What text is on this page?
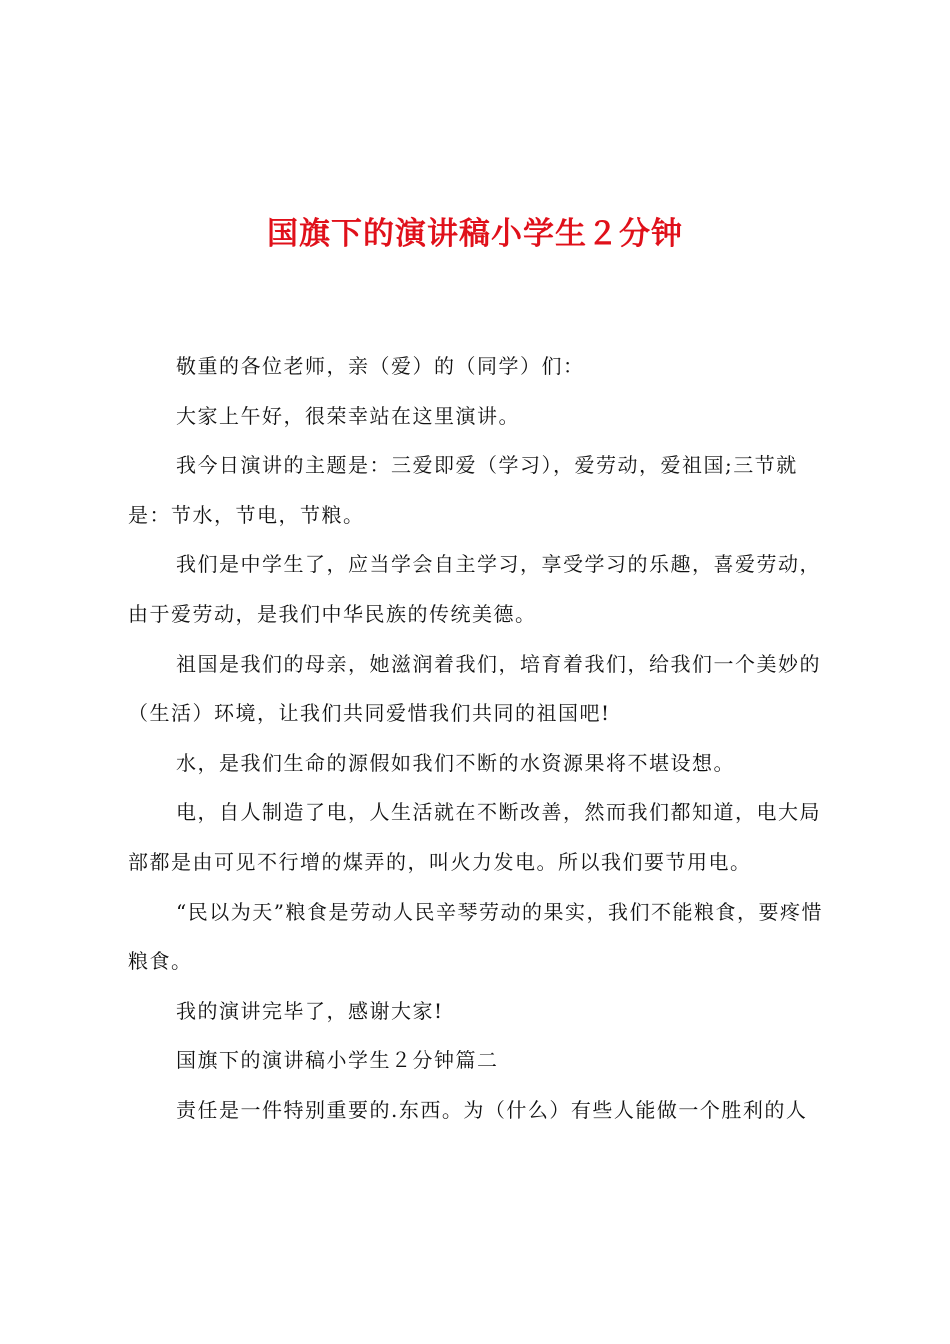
国旗下的演讲稿小学生２分钟

敬重的各位老师，亲（爱）的（同学）们：

大家上午好，很荣幸站在这里演讲。

我今日演讲的主题是：三爱即爱（学习），爱劳动，爱祖国;三节就是：节水，节电，节粮。

我们是中学生了，应当学会自主学习，享受学习的乐趣，喜爱劳动，由于爱劳动，是我们中华民族的传统美德。

祖国是我们的母亲，她滋润着我们，培育着我们，给我们一个美妙的（生活）环境，让我们共同爱惜我们共同的祖国吧!

水，是我们生命的源假如我们不断的水资源果将不堪设想。

电，自人制造了电，人生活就在不断改善，然而我们都知道，电大局部都是由可见不行增的煤弄的，叫火力发电。所以我们要节用电。

“民以为天”粮食是劳动人民辛琴劳动的果实，我们不能粮食，要疼惜粮食。

我的演讲完毕了，感谢大家!

国旗下的演讲稿小学生２分钟篇二

责任是一件特别重要的.东西。为（什么）有些人能做一个胜利的人
